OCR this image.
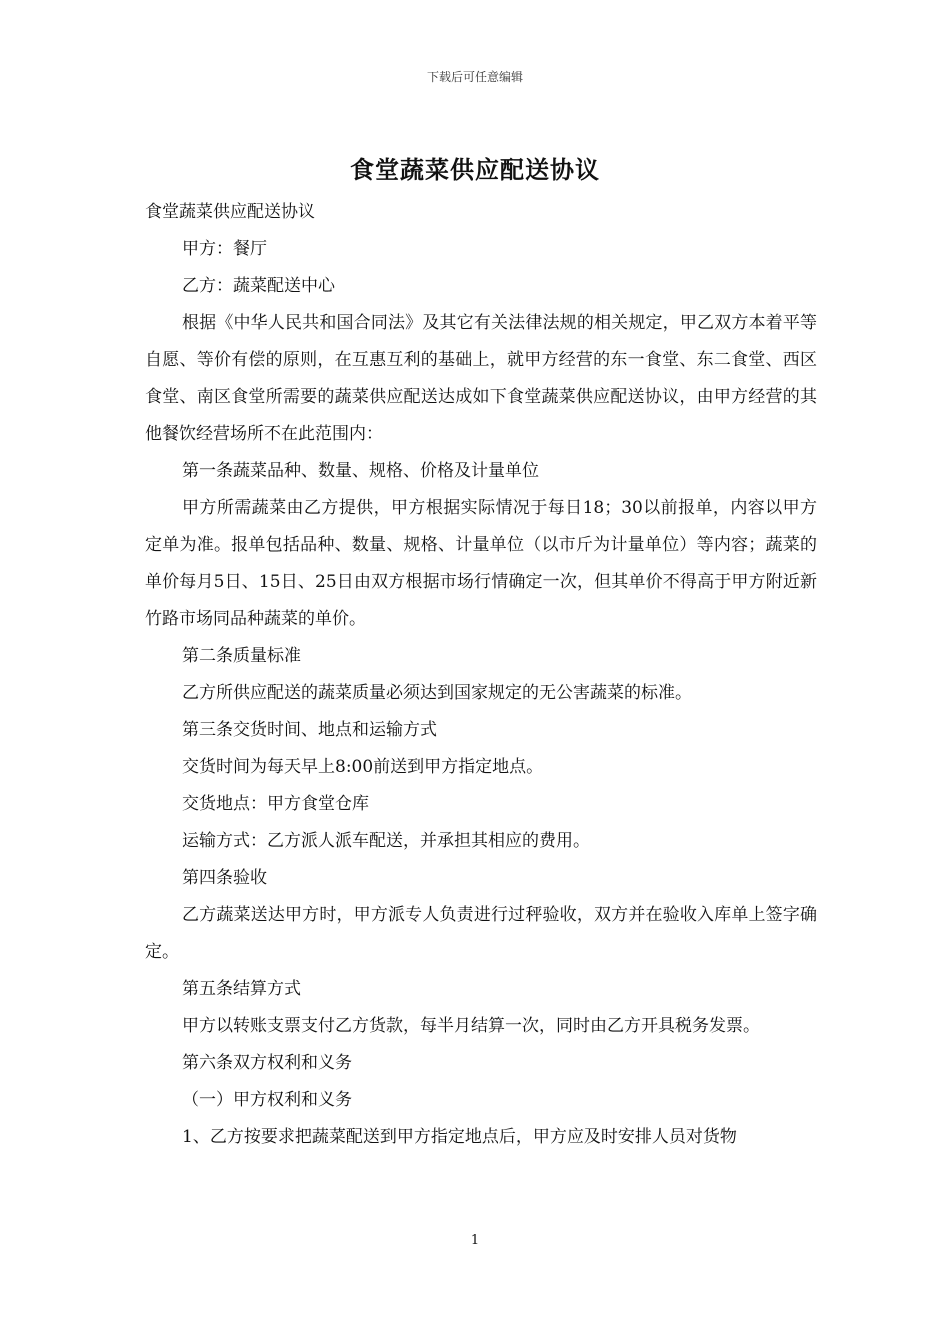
下载后可任意编辑
食堂蔬菜供应配送协议

食堂蔬菜供应配送协议

甲方：餐厅

乙方：蔬菜配送中心

根据《中华人民共和国合同法》及其它有关法律法规的相关规定，甲乙双方本着平等自愿、等价有偿的原则，在互惠互利的基础上，就甲方经营的东一食堂、东二食堂、西区食堂、南区食堂所需要的蔬菜供应配送达成如下食堂蔬菜供应配送协议，由甲方经营的其他餐饮经营场所不在此范围内：

第一条蔬菜品种、数量、规格、价格及计量单位

甲方所需蔬菜由乙方提供，甲方根据实际情况于每日18；30以前报单，内容以甲方定单为准。报单包括品种、数量、规格、计量单位（以市斤为计量单位）等内容；蔬菜的单价每月5日、15日、25日由双方根据市场行情确定一次，但其单价不得高于甲方附近新竹路市场同品种蔬菜的单价。

第二条质量标准

乙方所供应配送的蔬菜质量必须达到国家规定的无公害蔬菜的标准。

第三条交货时间、地点和运输方式

交货时间为每天早上8:00前送到甲方指定地点。

交货地点：甲方食堂仓库

运输方式：乙方派人派车配送，并承担其相应的费用。

第四条验收

乙方蔬菜送达甲方时，甲方派专人负责进行过秤验收，双方并在验收入库单上签字确定。

第五条结算方式

甲方以转账支票支付乙方货款，每半月结算一次，同时由乙方开具税务发票。

第六条双方权利和义务

（一）甲方权利和义务

1、乙方按要求把蔬菜配送到甲方指定地点后，甲方应及时安排人员对货物

1
